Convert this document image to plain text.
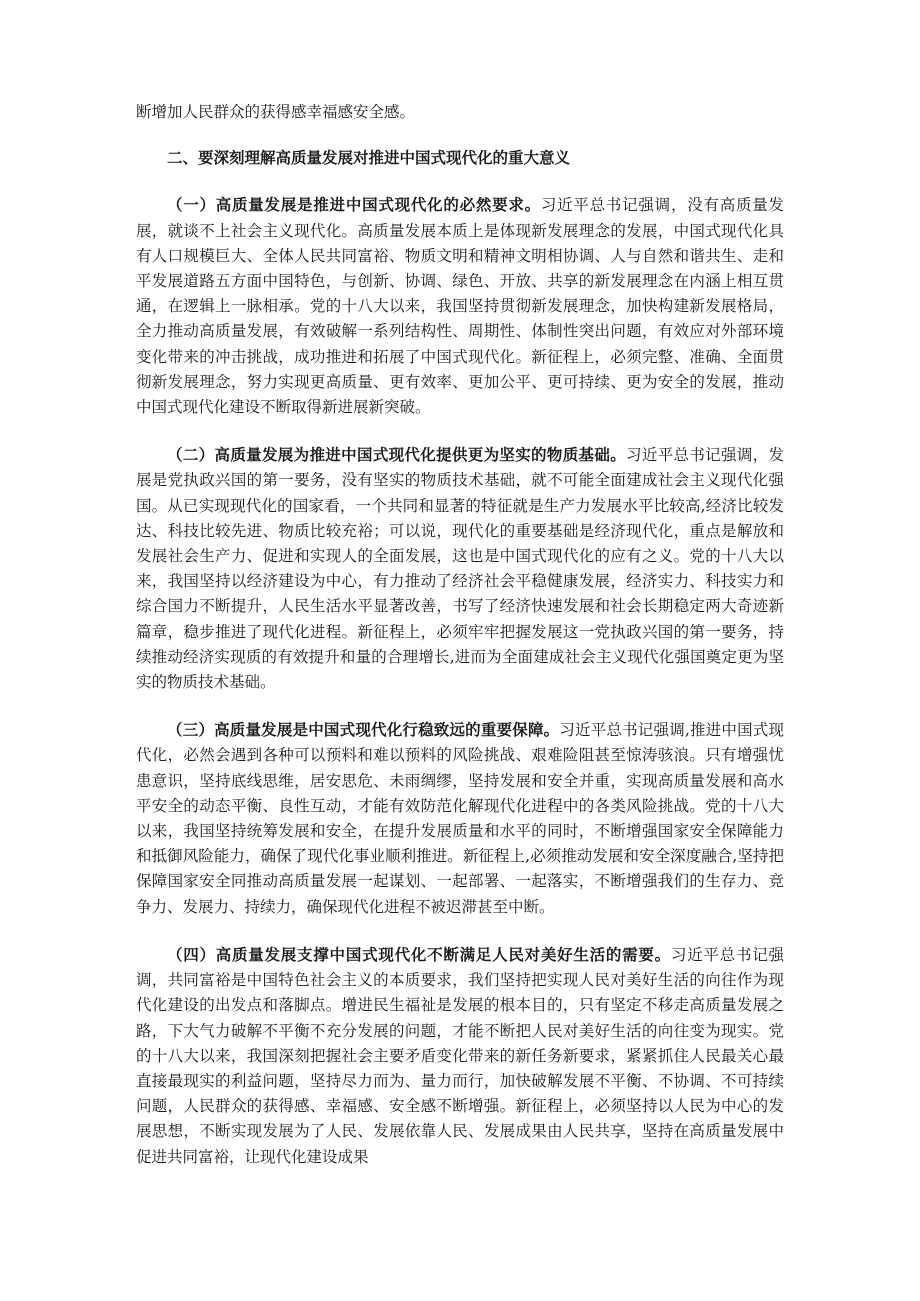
断增加人民群众的获得感幸福感安全感。

二、要深刻理解高质量发展对推进中国式现代化的重大意义

（一）高质量发展是推进中国式现代化的必然要求。习近平总书记强调，没有高质量发展，就谈不上社会主义现代化。高质量发展本质上是体现新发展理念的发展，中国式现代化具有人口规模巨大、全体人民共同富裕、物质文明和精神文明相协调、人与自然和谐共生、走和平发展道路五方面中国特色，与创新、协调、绿色、开放、共享的新发展理念在内涵上相互贯通，在逻辑上一脉相承。党的十八大以来，我国坚持贯彻新发展理念，加快构建新发展格局，全力推动高质量发展，有效破解一系列结构性、周期性、体制性突出问题，有效应对外部环境变化带来的冲击挑战，成功推进和拓展了中国式现代化。新征程上，必须完整、准确、全面贯彻新发展理念，努力实现更高质量、更有效率、更加公平、更可持续、更为安全的发展，推动中国式现代化建设不断取得新进展新突破。

（二）高质量发展为推进中国式现代化提供更为坚实的物质基础。习近平总书记强调，发展是党执政兴国的第一要务，没有坚实的物质技术基础，就不可能全面建成社会主义现代化强国。从已实现现代化的国家看，一个共同和显著的特征就是生产力发展水平比较高,经济比较发达、科技比较先进、物质比较充裕；可以说，现代化的重要基础是经济现代化，重点是解放和发展社会生产力、促进和实现人的全面发展，这也是中国式现代化的应有之义。党的十八大以来，我国坚持以经济建设为中心，有力推动了经济社会平稳健康发展，经济实力、科技实力和综合国力不断提升，人民生活水平显著改善，书写了经济快速发展和社会长期稳定两大奇迹新篇章，稳步推进了现代化进程。新征程上，必须牢牢把握发展这一党执政兴国的第一要务，持续推动经济实现质的有效提升和量的合理增长,进而为全面建成社会主义现代化强国奠定更为坚实的物质技术基础。

（三）高质量发展是中国式现代化行稳致远的重要保障。习近平总书记强调,推进中国式现代化，必然会遇到各种可以预料和难以预料的风险挑战、艰难险阻甚至惊涛骇浪。只有增强忧患意识，坚持底线思维，居安思危、未雨绸缪，坚持发展和安全并重，实现高质量发展和高水平安全的动态平衡、良性互动，才能有效防范化解现代化进程中的各类风险挑战。党的十八大以来，我国坚持统筹发展和安全，在提升发展质量和水平的同时，不断增强国家安全保障能力和抵御风险能力，确保了现代化事业顺利推进。新征程上,必须推动发展和安全深度融合,坚持把保障国家安全同推动高质量发展一起谋划、一起部署、一起落实，不断增强我们的生存力、竞争力、发展力、持续力，确保现代化进程不被迟滞甚至中断。

（四）高质量发展支撑中国式现代化不断满足人民对美好生活的需要。习近平总书记强调，共同富裕是中国特色社会主义的本质要求，我们坚持把实现人民对美好生活的向往作为现代化建设的出发点和落脚点。增进民生福祉是发展的根本目的，只有坚定不移走高质量发展之路，下大气力破解不平衡不充分发展的问题，才能不断把人民对美好生活的向往变为现实。党的十八大以来，我国深刻把握社会主要矛盾变化带来的新任务新要求，紧紧抓住人民最关心最直接最现实的利益问题，坚持尽力而为、量力而行，加快破解发展不平衡、不协调、不可持续问题，人民群众的获得感、幸福感、安全感不断增强。新征程上，必须坚持以人民为中心的发展思想，不断实现发展为了人民、发展依靠人民、发展成果由人民共享，坚持在高质量发展中促进共同富裕，让现代化建设成果
